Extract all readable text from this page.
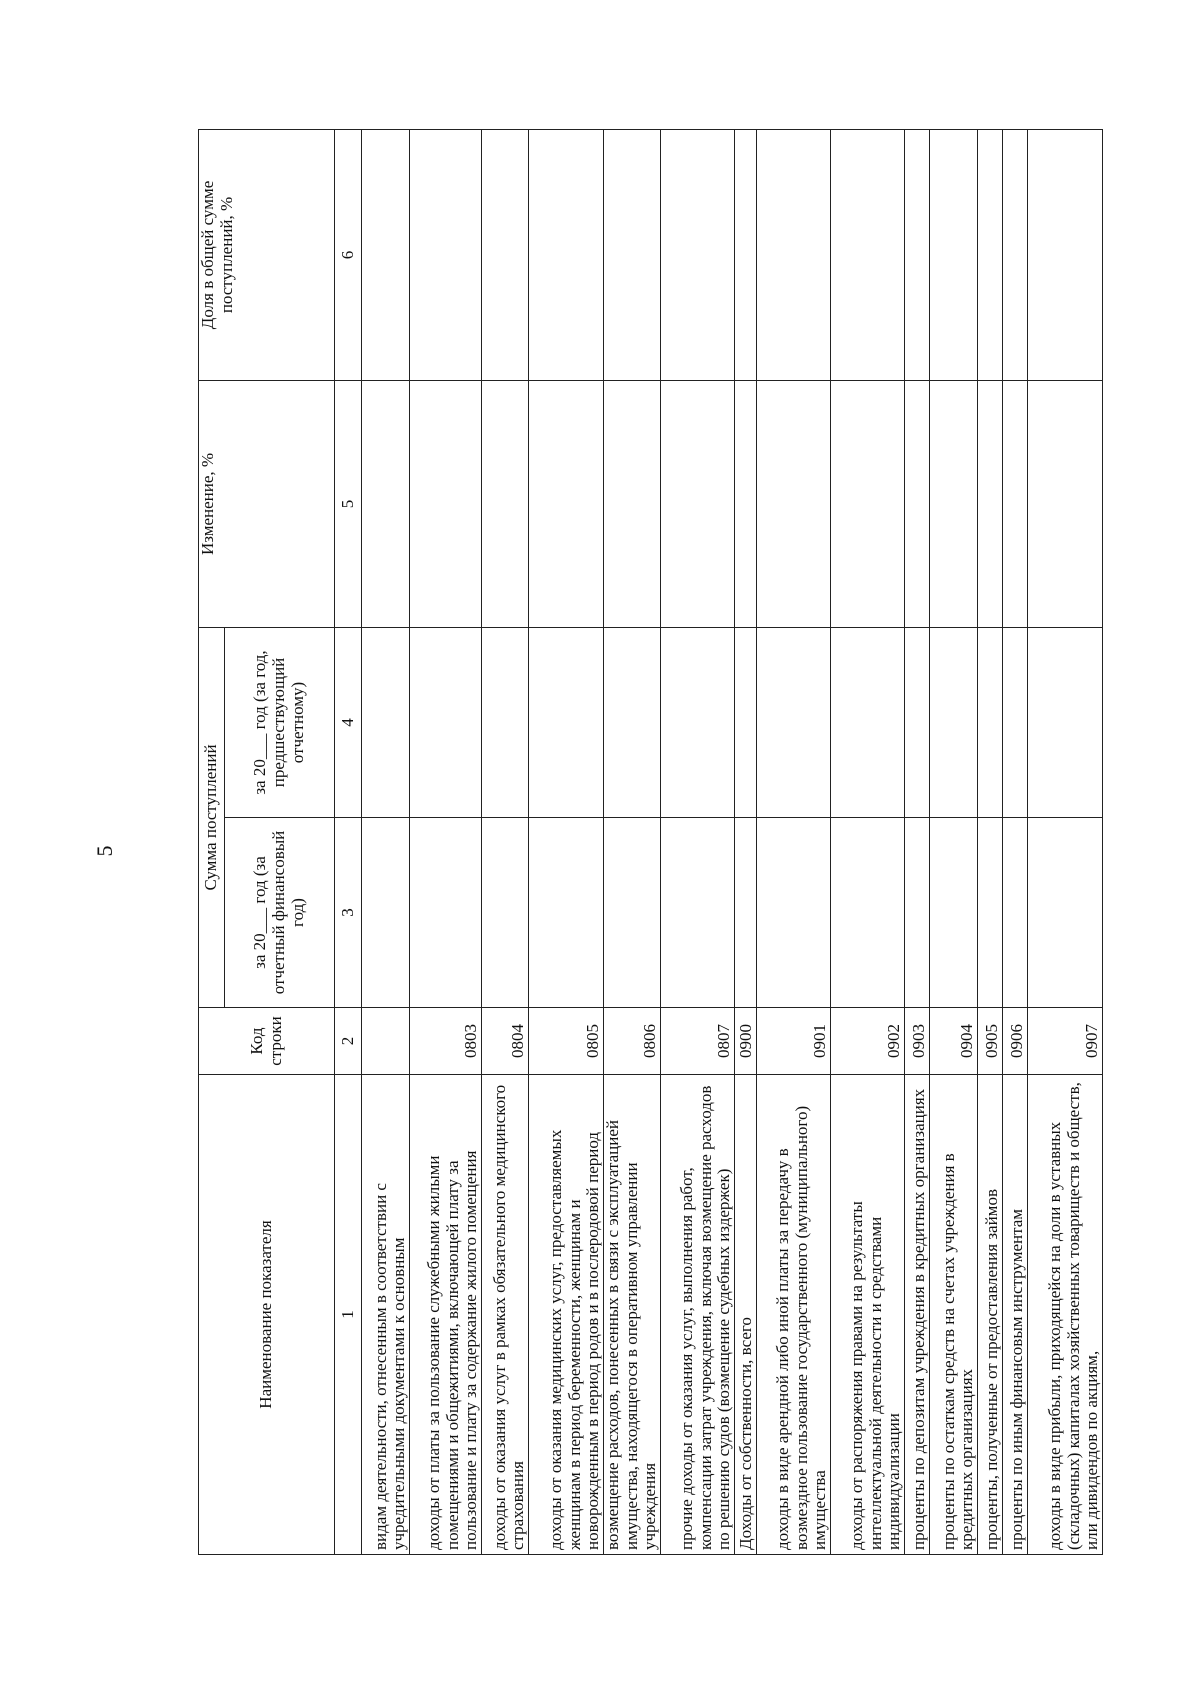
5
Наименование показателя	Код строки	Сумма поступлений		Изменение, %	Доля в общей сумме поступлений, %
		за 20___ год (за отчетный финансовый год)	за 20___ год (за год, предшествующий отчетному)		
1	2	3	4	5	6
видам деятельности, отнесенным в соответствии с учредительными документами к основным					
доходы от платы за пользование служебными жилыми помещениями и общежитиями, включающей плату за пользование и плату за содержание жилого помещения	0803				
доходы от оказания услуг в рамках обязательного медицинского страхования	0804				
доходы от оказания медицинских услуг, предоставляемых женщинам в период беременности, женщинам и новорожденным в период родов и в послеродовой период	0805				
возмещение расходов, понесенных в связи с эксплуатацией имущества, находящегося в оперативном управлении учреждения	0806				
прочие доходы от оказания услуг, выполнения работ, компенсации затрат учреждения, включая возмещение расходов по решению судов (возмещение судебных издержек)	0807				
Доходы от собственности, всего	0900				
доходы в виде арендной либо иной платы за передачу в возмездное пользование государственного (муниципального) имущества	0901				
доходы от распоряжения правами на результаты интеллектуальной деятельности и средствами индивидуализации	0902				
проценты по депозитам учреждения в кредитных организациях	0903				
проценты по остаткам средств на счетах учреждения в кредитных организациях	0904				
проценты, полученные от предоставления займов	0905				
проценты по иным финансовым инструментам	0906				
доходы в виде прибыли, приходящейся на доли в уставных (складочных) капиталах хозяйственных товариществ и обществ, или дивидендов по акциям,	0907				
